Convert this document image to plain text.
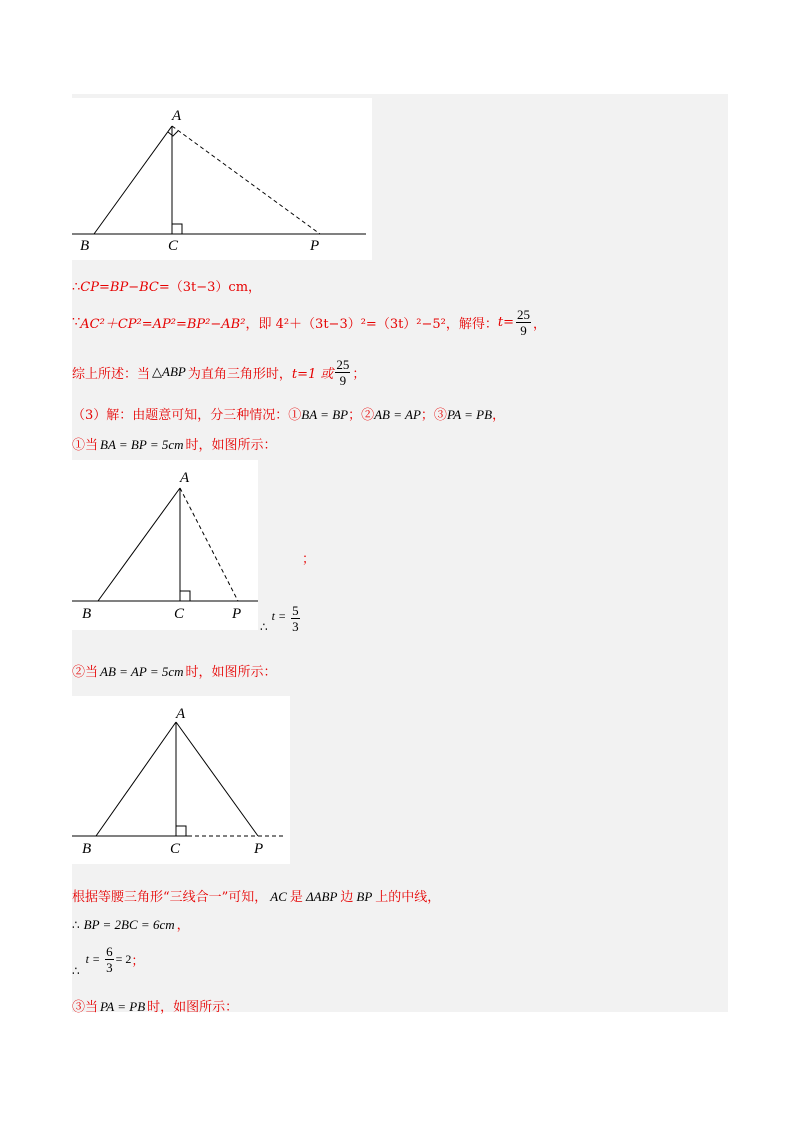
A
B	C	P
∴CP=BP−BC=（3t−3）cm，
∵ AC²＋CP²=AP²=BP²−AB² ，即 4²＋（3t−3）²=（3t）²−5²，解得： $t= \frac{25}{9}$ ，
综上所述：当 △ABP 为直角三角形时， t=1 或 $\frac{25}{9}$ ；
（3）解：由题意可知，分三种情况：①BA = BP；②AB = AP；③PA = PB，
①当 BA = BP = 5cm 时，如图所示：
A
B	C	P
；
∴
$t = \frac{5}{3}$
②当 AB = AP = 5cm 时，如图所示：
A
B	C	P
根据等腰三角形“三线合一”可知， AC 是 ΔABP 边 BP 上的中线，
∴ BP = 2BC = 6cm ，
∴
$t = \frac{6}{3} = 2$ ；
③当 PA = PB 时，如图所示：
